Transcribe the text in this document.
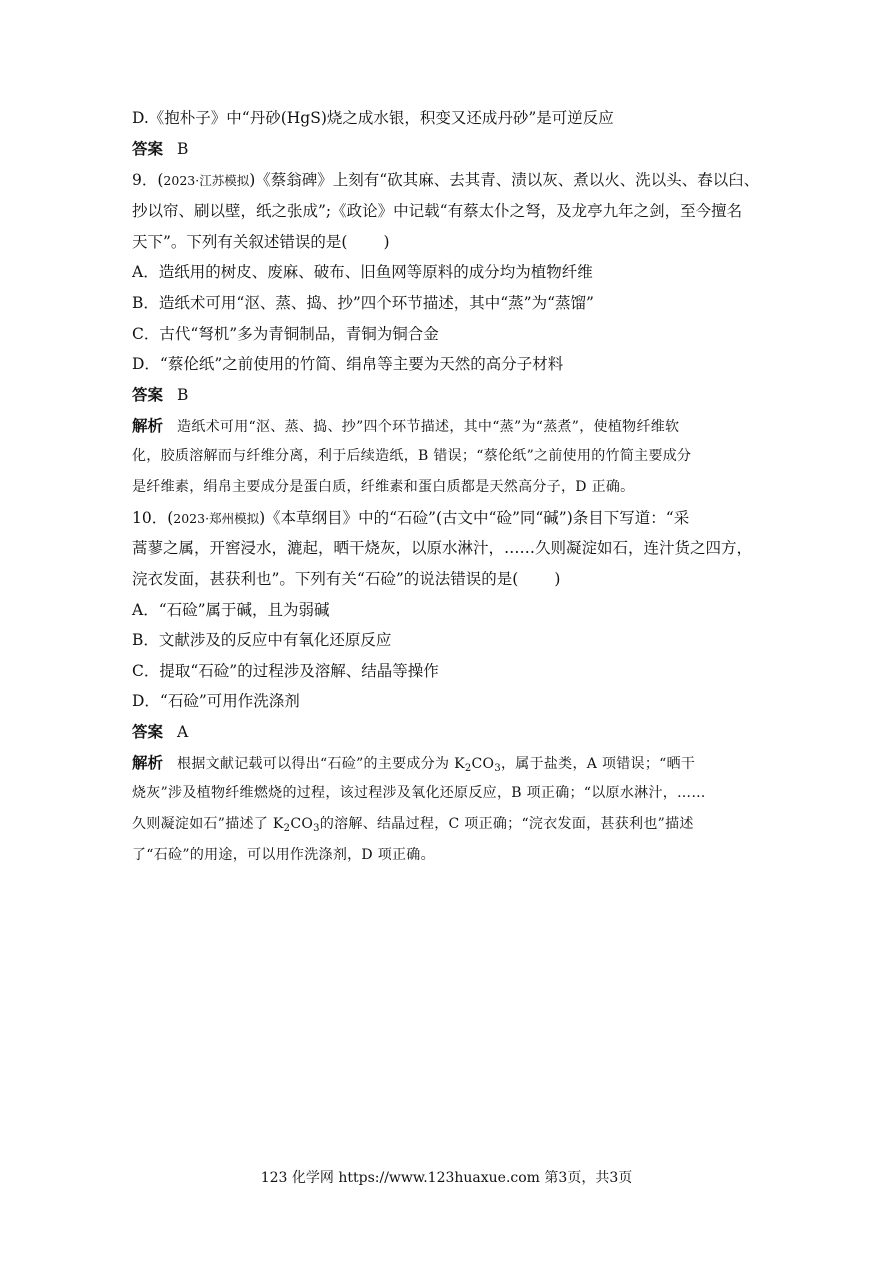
D.《抱朴子》中“丹砂(HgS)烧之成水银，积变又还成丹砂”是可逆反应
答案 B
9．(2023·江苏模拟)《蔡翁碑》上刻有“砍其麻、去其青、渍以灰、煮以火、洗以头、舂以臼、
抄以帘、刷以壁，纸之张成”;《政论》中记载“有蔡太仆之弩，及龙亭九年之剑，至今擅名
天下”。下列有关叙述错误的是( )
A．造纸用的树皮、废麻、破布、旧鱼网等原料的成分均为植物纤维
B．造纸术可用“沤、蒸、捣、抄”四个环节描述，其中“蒸”为“蒸馏”
C．古代“弩机”多为青铜制品，青铜为铜合金
D．“蔡伦纸”之前使用的竹简、绢帛等主要为天然的高分子材料
答案 B
解析 造纸术可用“沤、蒸、捣、抄”四个环节描述，其中“蒸”为“蒸煮”，使植物纤维软
化，胶质溶解而与纤维分离，利于后续造纸，B 错误；“蔡伦纸”之前使用的竹简主要成分
是纤维素，绢帛主要成分是蛋白质，纤维素和蛋白质都是天然高分子，D 正确。
10．(2023·郑州模拟)《本草纲目》中的“石硷”(古文中“硷”同“碱”)条目下写道：“采
蒿蓼之属，开窖浸水，漉起，晒干烧灰，以原水淋汁，……久则凝淀如石，连汁货之四方，
浣衣发面，甚获利也”。下列有关“石硷”的说法错误的是( )
A．“石硷”属于碱，且为弱碱
B．文献涉及的反应中有氧化还原反应
C．提取“石硷”的过程涉及溶解、结晶等操作
D．“石硷”可用作洗涤剂
答案 A
解析 根据文献记载可以得出“石硷”的主要成分为 $K_2CO_3$，属于盐类，A 项错误；“晒干
烧灰”涉及植物纤维燃烧的过程，该过程涉及氧化还原反应，B 项正确；“以原水淋汁，……
久则凝淀如石”描述了 $K_2CO_3$的溶解、结晶过程，C 项正确；“浣衣发面，甚获利也”描述
了“石硷”的用途，可以用作洗涤剂，D 项正确。
123 化学网 https://www.123huaxue.com 第3页，共3页
